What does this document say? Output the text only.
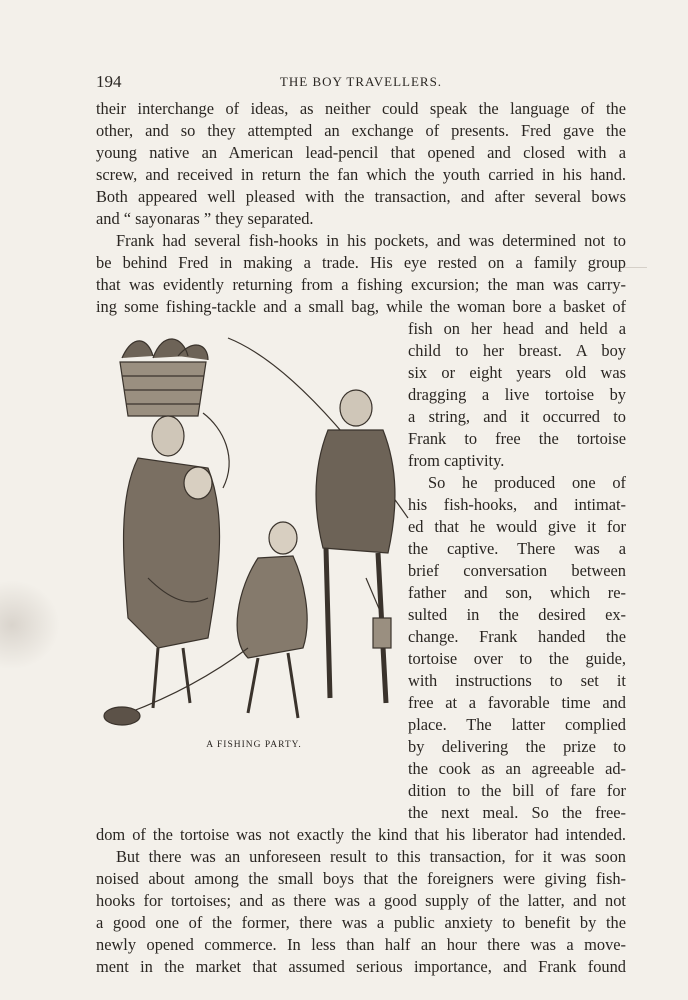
⸻
194	THE BOY TRAVELLERS.
their interchange of ideas, as neither could speak the language of the
other, and so they attempted an exchange of presents. Fred gave the
young native an American lead-pencil that opened and closed with a
screw, and received in return the fan which the youth carried in his hand.
Both appeared well pleased with the transaction, and after several bows
and “ sayonaras ” they separated.
Frank had several fish-hooks in his pockets, and was determined not to
be behind Fred in making a trade. His eye rested on a family group
that was evidently returning from a fishing excursion; the man was carry-
ing some fishing-tackle and a small bag, while the woman bore a basket of
fish on her head and held a
child to her breast. A boy
six or eight years old was
dragging a live tortoise by
a string, and it occurred to
Frank to free the tortoise
from captivity.
So he produced one of
his fish-hooks, and intimat-
ed that he would give it for
the captive. There was a
brief conversation between
father and son, which re-
sulted in the desired ex-
change. Frank handed the
tortoise over to the guide,
with instructions to set it
free at a favorable time and
place. The latter complied
by delivering the prize to
the cook as an agreeable ad-
dition to the bill of fare for
the next meal. So the free-
dom of the tortoise was not exactly the kind that his liberator had intended.
But there was an unforeseen result to this transaction, for it was soon
noised about among the small boys that the foreigners were giving fish-
hooks for tortoises; and as there was a good supply of the latter, and not
a good one of the former, there was a public anxiety to benefit by the
newly opened commerce. In less than half an hour there was a move-
ment in the market that assumed serious importance, and Frank found
A FISHING PARTY.
